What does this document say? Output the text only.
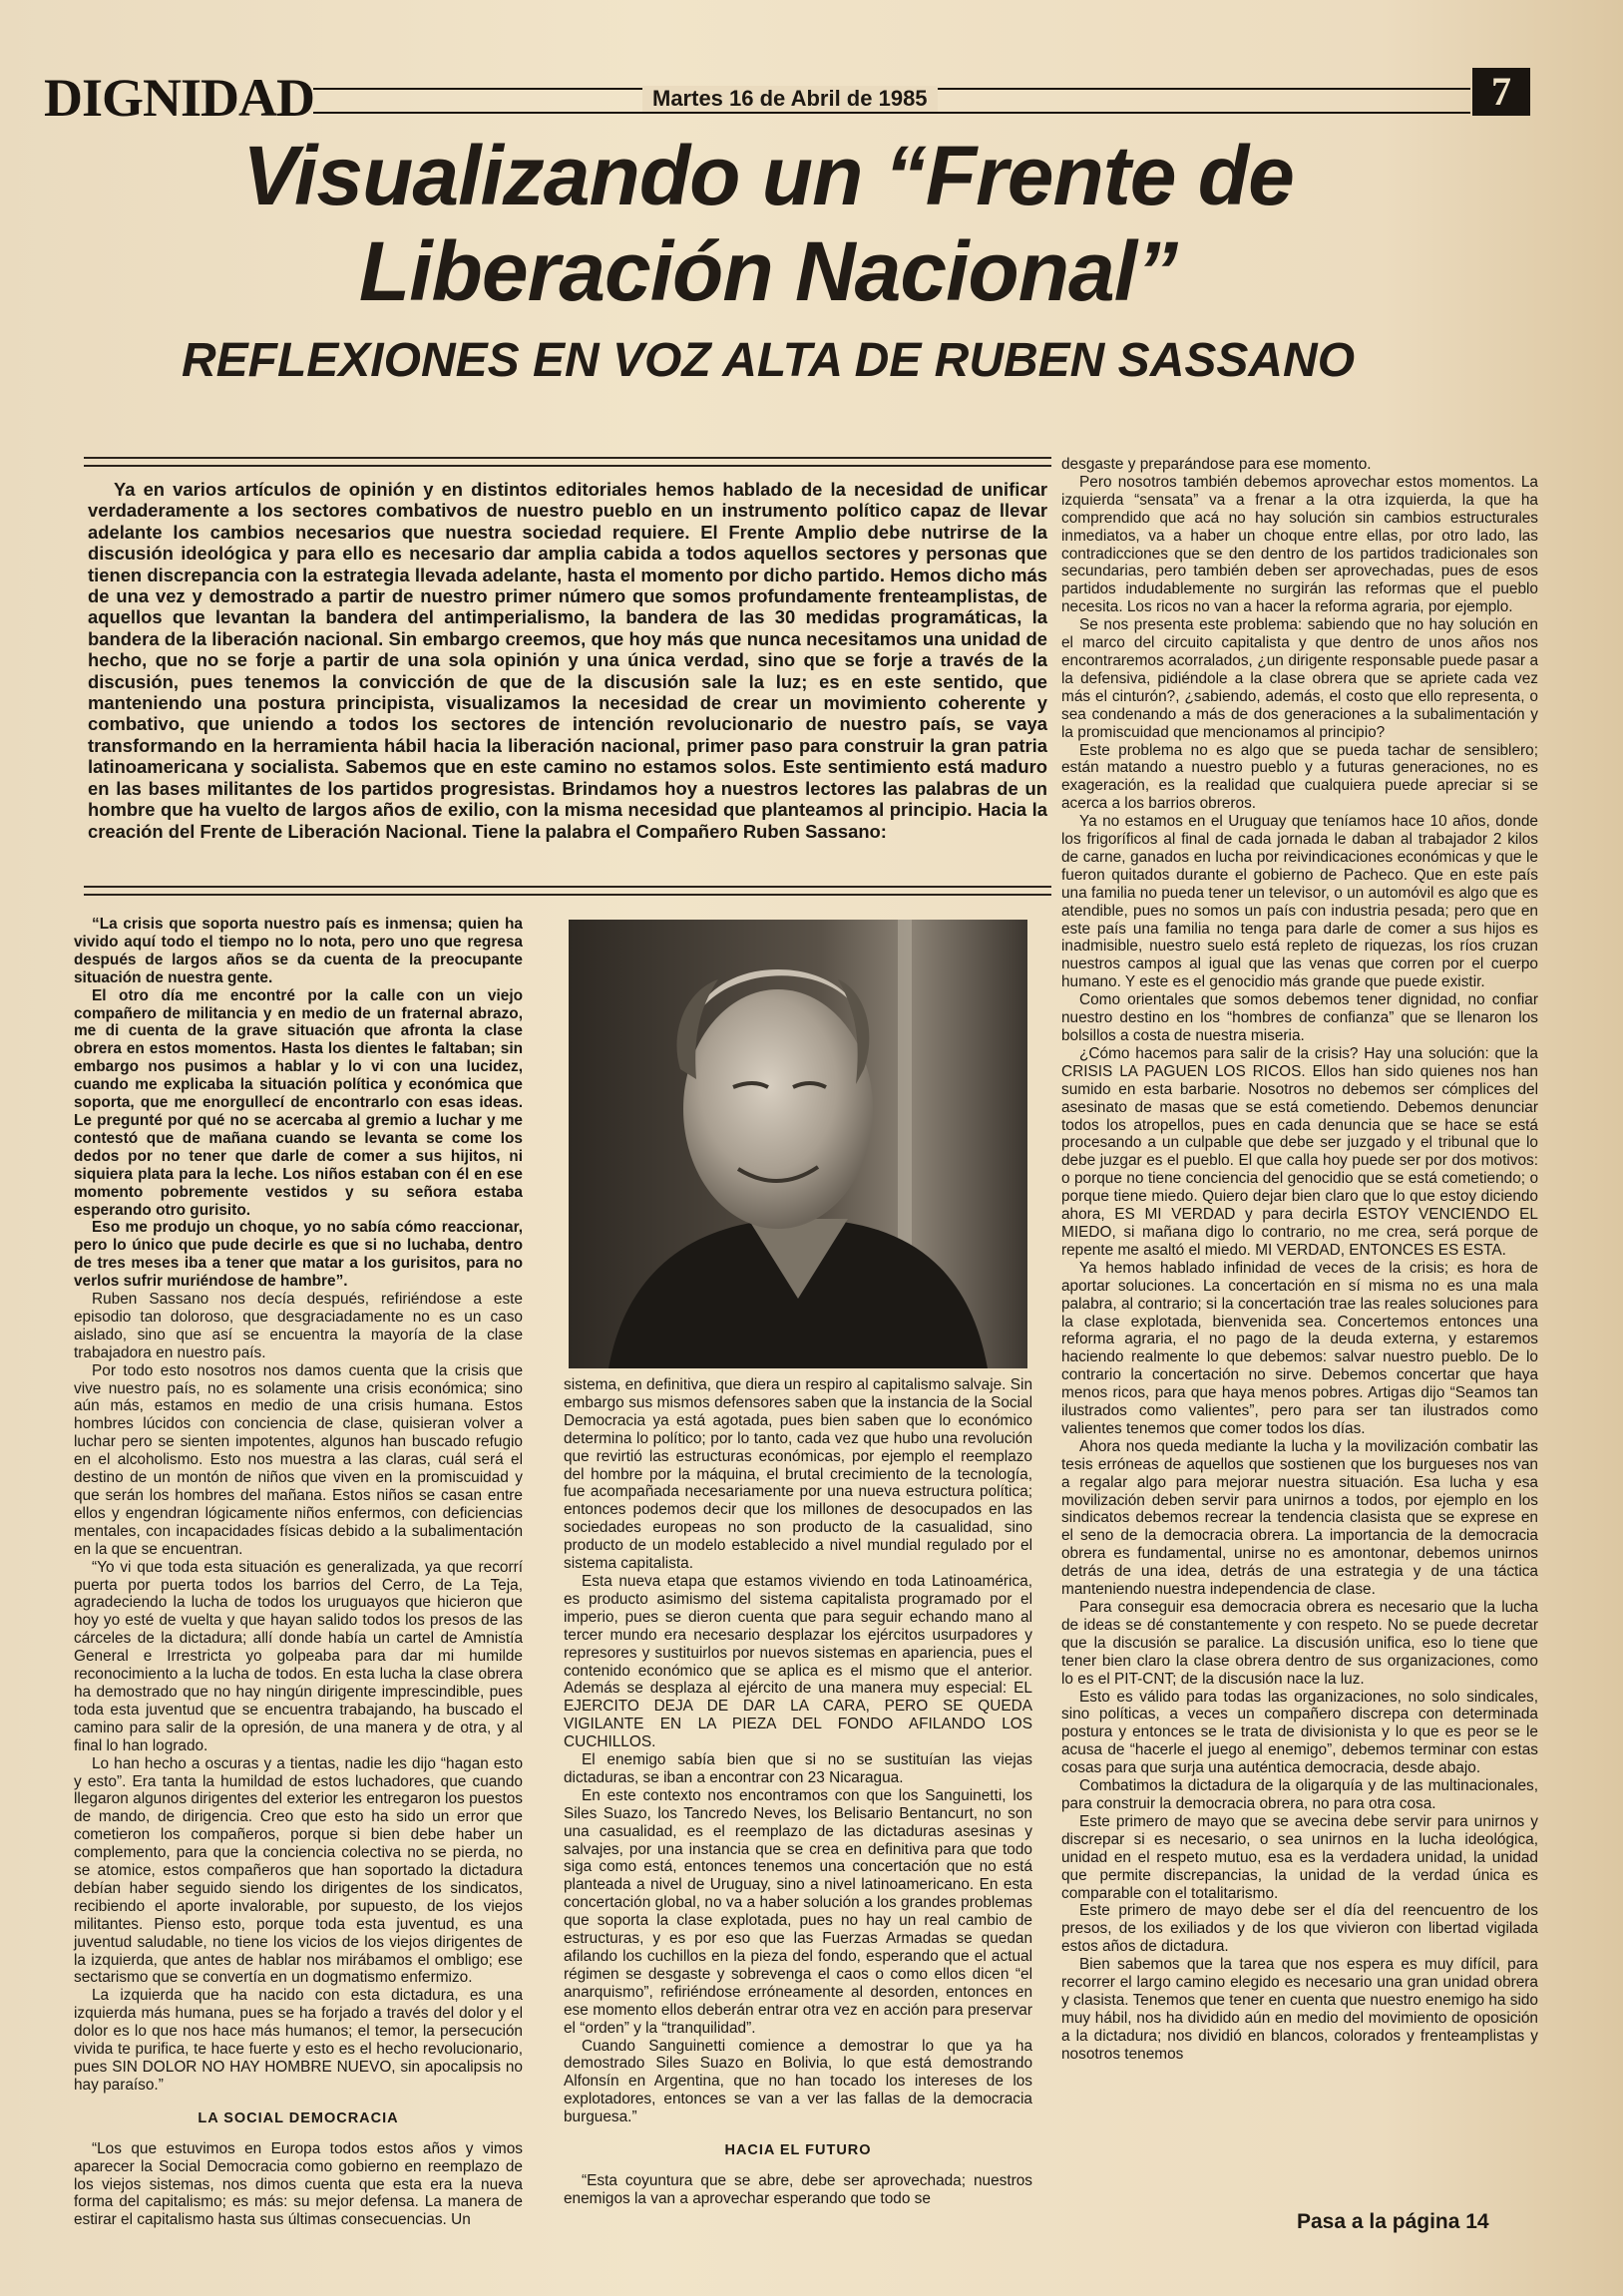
DIGNIDAD	Martes 16 de Abril de 1985	7
Visualizando un “Frente de Liberación Nacional”
REFLEXIONES EN VOZ ALTA DE RUBEN SASSANO

Ya en varios artículos de opinión y en distintos editoriales hemos hablado de la necesidad de unificar verdaderamente a los sectores combativos de nuestro pueblo en un instrumento político capaz de llevar adelante los cambios necesarios que nuestra sociedad requiere. El Frente Amplio debe nutrirse de la discusión ideológica y para ello es necesario dar amplia cabida a todos aquellos sectores y personas que tienen discrepancia con la estrategia llevada adelante, hasta el momento por dicho partido. Hemos dicho más de una vez y demostrado a partir de nuestro primer número que somos profundamente frenteamplistas, de aquellos que levantan la bandera del antimperialismo, la bandera de las 30 medidas programáticas, la bandera de la liberación nacional. Sin embargo creemos, que hoy más que nunca necesitamos una unidad de hecho, que no se forje a partir de una sola opinión y una única verdad, sino que se forje a través de la discusión, pues tenemos la convicción de que de la discusión sale la luz; es en este sentido, que manteniendo una postura principista, visualizamos la necesidad de crear un movimiento coherente y combativo, que uniendo a todos los sectores de intención revolucionario de nuestro país, se vaya transformando en la herramienta hábil hacia la liberación nacional, primer paso para construir la gran patria latinoamericana y socialista. Sabemos que en este camino no estamos solos. Este sentimiento está maduro en las bases militantes de los partidos progresistas. Brindamos hoy a nuestros lectores las palabras de un hombre que ha vuelto de largos años de exilio, con la misma necesidad que planteamos al principio. Hacia la creación del Frente de Liberación Nacional. Tiene la palabra el Compañero Ruben Sassano:

“La crisis que soporta nuestro país es inmensa; quien ha vivido aquí todo el tiempo no lo nota, pero uno que regresa después de largos años se da cuenta de la preocupante situación de nuestra gente.

El otro día me encontré por la calle con un viejo compañero de militancia y en medio de un fraternal abrazo, me di cuenta de la grave situación que afronta la clase obrera en estos momentos. Hasta los dientes le faltaban; sin embargo nos pusimos a hablar y lo vi con una lucidez, cuando me explicaba la situación política y económica que soporta, que me enorgullecí de encontrarlo con esas ideas. Le pregunté por qué no se acercaba al gremio a luchar y me contestó que de mañana cuando se levanta se come los dedos por no tener que darle de comer a sus hijitos, ni siquiera plata para la leche. Los niños estaban con él en ese momento pobremente vestidos y su señora estaba esperando otro gurisito.

Eso me produjo un choque, yo no sabía cómo reaccionar, pero lo único que pude decirle es que si no luchaba, dentro de tres meses iba a tener que matar a los gurisitos, para no verlos sufrir muriéndose de hambre”.

Ruben Sassano nos decía después, refiriéndose a este episodio tan doloroso, que desgraciadamente no es un caso aislado, sino que así se encuentra la mayoría de la clase trabajadora en nuestro país.

Por todo esto nosotros nos damos cuenta que la crisis que vive nuestro país, no es solamente una crisis económica; sino aún más, estamos en medio de una crisis humana. Estos hombres lúcidos con conciencia de clase, quisieran volver a luchar pero se sienten impotentes, algunos han buscado refugio en el alcoholismo. Esto nos muestra a las claras, cuál será el destino de un montón de niños que viven en la promiscuidad y que serán los hombres del mañana. Estos niños se casan entre ellos y engendran lógicamente niños enfermos, con deficiencias mentales, con incapacidades físicas debido a la subalimentación en la que se encuentran.

“Yo vi que toda esta situación es generalizada, ya que recorrí puerta por puerta todos los barrios del Cerro, de La Teja, agradeciendo la lucha de todos los uruguayos que hicieron que hoy yo esté de vuelta y que hayan salido todos los presos de las cárceles de la dictadura; allí donde había un cartel de Amnistía General e Irrestricta yo golpeaba para dar mi humilde reconocimiento a la lucha de todos. En esta lucha la clase obrera ha demostrado que no hay ningún dirigente imprescindible, pues toda esta juventud que se encuentra trabajando, ha buscado el camino para salir de la opresión, de una manera y de otra, y al final lo han logrado.

Lo han hecho a oscuras y a tientas, nadie les dijo “hagan esto y esto”. Era tanta la humildad de estos luchadores, que cuando llegaron algunos dirigentes del exterior les entregaron los puestos de mando, de dirigencia. Creo que esto ha sido un error que cometieron los compañeros, porque si bien debe haber un complemento, para que la conciencia colectiva no se pierda, no se atomice, estos compañeros que han soportado la dictadura debían haber seguido siendo los dirigentes de los sindicatos, recibiendo el aporte invalorable, por supuesto, de los viejos militantes. Pienso esto, porque toda esta juventud, es una juventud saludable, no tiene los vicios de los viejos dirigentes de la izquierda, que antes de hablar nos mirábamos el ombligo; ese sectarismo que se convertía en un dogmatismo enfermizo.

La izquierda que ha nacido con esta dictadura, es una izquierda más humana, pues se ha forjado a través del dolor y el dolor es lo que nos hace más humanos; el temor, la persecución vivida te purifica, te hace fuerte y esto es el hecho revolucionario, pues SIN DOLOR NO HAY HOMBRE NUEVO, sin apocalipsis no hay paraíso.”

LA SOCIAL DEMOCRACIA

“Los que estuvimos en Europa todos estos años y vimos aparecer la Social Democracia como gobierno en reemplazo de los viejos sistemas, nos dimos cuenta que esta era la nueva forma del capitalismo; es más: su mejor defensa. La manera de estirar el capitalismo hasta sus últimas consecuencias. Un

sistema, en definitiva, que diera un respiro al capitalismo salvaje. Sin embargo sus mismos defensores saben que la instancia de la Social Democracia ya está agotada, pues bien saben que lo económico determina lo político; por lo tanto, cada vez que hubo una revolución que revirtió las estructuras económicas, por ejemplo el reemplazo del hombre por la máquina, el brutal crecimiento de la tecnología, fue acompañada necesariamente por una nueva estructura política; entonces podemos decir que los millones de desocupados en las sociedades europeas no son producto de la casualidad, sino producto de un modelo establecido a nivel mundial regulado por el sistema capitalista.

Esta nueva etapa que estamos viviendo en toda Latinoamérica, es producto asimismo del sistema capitalista programado por el imperio, pues se dieron cuenta que para seguir echando mano al tercer mundo era necesario desplazar los ejércitos usurpadores y represores y sustituirlos por nuevos sistemas en apariencia, pues el contenido económico que se aplica es el mismo que el anterior. Además se desplaza al ejército de una manera muy especial: EL EJERCITO DEJA DE DAR LA CARA, PERO SE QUEDA VIGILANTE EN LA PIEZA DEL FONDO AFILANDO LOS CUCHILLOS.

El enemigo sabía bien que si no se sustituían las viejas dictaduras, se iban a encontrar con 23 Nicaragua.

En este contexto nos encontramos con que los Sanguinetti, los Siles Suazo, los Tancredo Neves, los Belisario Bentancurt, no son una casualidad, es el reemplazo de las dictaduras asesinas y salvajes, por una instancia que se crea en definitiva para que todo siga como está, entonces tenemos una concertación que no está planteada a nivel de Uruguay, sino a nivel latinoamericano. En esta concertación global, no va a haber solución a los grandes problemas que soporta la clase explotada, pues no hay un real cambio de estructuras, y es por eso que las Fuerzas Armadas se quedan afilando los cuchillos en la pieza del fondo, esperando que el actual régimen se desgaste y sobrevenga el caos o como ellos dicen “el anarquismo”, refiriéndose erróneamente al desorden, entonces en ese momento ellos deberán entrar otra vez en acción para preservar el “orden” y la “tranquilidad”.

Cuando Sanguinetti comience a demostrar lo que ya ha demostrado Siles Suazo en Bolivia, lo que está demostrando Alfonsín en Argentina, que no han tocado los intereses de los explotadores, entonces se van a ver las fallas de la democracia burguesa.”

HACIA EL FUTURO

“Esta coyuntura que se abre, debe ser aprovechada; nuestros enemigos la van a aprovechar esperando que todo se

desgaste y preparándose para ese momento.

Pero nosotros también debemos aprovechar estos momentos. La izquierda “sensata” va a frenar a la otra izquierda, la que ha comprendido que acá no hay solución sin cambios estructurales inmediatos, va a haber un choque entre ellas, por otro lado, las contradicciones que se den dentro de los partidos tradicionales son secundarias, pero también deben ser aprovechadas, pues de esos partidos indudablemente no surgirán las reformas que el pueblo necesita. Los ricos no van a hacer la reforma agraria, por ejemplo.

Se nos presenta este problema: sabiendo que no hay solución en el marco del circuito capitalista y que dentro de unos años nos encontraremos acorralados, ¿un dirigente responsable puede pasar a la defensiva, pidiéndole a la clase obrera que se apriete cada vez más el cinturón?, ¿sabiendo, además, el costo que ello representa, o sea condenando a más de dos generaciones a la subalimentación y la promiscuidad que mencionamos al principio?

Este problema no es algo que se pueda tachar de sensiblero; están matando a nuestro pueblo y a futuras generaciones, no es exageración, es la realidad que cualquiera puede apreciar si se acerca a los barrios obreros.

Ya no estamos en el Uruguay que teníamos hace 10 años, donde los frigoríficos al final de cada jornada le daban al trabajador 2 kilos de carne, ganados en lucha por reivindicaciones económicas y que le fueron quitados durante el gobierno de Pacheco. Que en este país una familia no pueda tener un televisor, o un automóvil es algo que es atendible, pues no somos un país con industria pesada; pero que en este país una familia no tenga para darle de comer a sus hijos es inadmisible, nuestro suelo está repleto de riquezas, los ríos cruzan nuestros campos al igual que las venas que corren por el cuerpo humano. Y este es el genocidio más grande que puede existir.

Como orientales que somos debemos tener dignidad, no confiar nuestro destino en los “hombres de confianza” que se llenaron los bolsillos a costa de nuestra miseria.

¿Cómo hacemos para salir de la crisis? Hay una solución: que la CRISIS LA PAGUEN LOS RICOS. Ellos han sido quienes nos han sumido en esta barbarie. Nosotros no debemos ser cómplices del asesinato de masas que se está cometiendo. Debemos denunciar todos los atropellos, pues en cada denuncia que se hace se está procesando a un culpable que debe ser juzgado y el tribunal que lo debe juzgar es el pueblo. El que calla hoy puede ser por dos motivos: o porque no tiene conciencia del genocidio que se está cometiendo; o porque tiene miedo. Quiero dejar bien claro que lo que estoy diciendo ahora, ES MI VERDAD y para decirla ESTOY VENCIENDO EL MIEDO, si mañana digo lo contrario, no me crea, será porque de repente me asaltó el miedo. MI VERDAD, ENTONCES ES ESTA.

Ya hemos hablado infinidad de veces de la crisis; es hora de aportar soluciones. La concertación en sí misma no es una mala palabra, al contrario; si la concertación trae las reales soluciones para la clase explotada, bienvenida sea. Concertemos entonces una reforma agraria, el no pago de la deuda externa, y estaremos haciendo realmente lo que debemos: salvar nuestro pueblo. De lo contrario la concertación no sirve. Debemos concertar que haya menos ricos, para que haya menos pobres. Artigas dijo “Seamos tan ilustrados como valientes”, pero para ser tan ilustrados como valientes tenemos que comer todos los días.

Ahora nos queda mediante la lucha y la movilización combatir las tesis erróneas de aquellos que sostienen que los burgueses nos van a regalar algo para mejorar nuestra situación. Esa lucha y esa movilización deben servir para unirnos a todos, por ejemplo en los sindicatos debemos recrear la tendencia clasista que se exprese en el seno de la democracia obrera. La importancia de la democracia obrera es fundamental, unirse no es amontonar, debemos unirnos detrás de una idea, detrás de una estrategia y de una táctica manteniendo nuestra independencia de clase.

Para conseguir esa democracia obrera es necesario que la lucha de ideas se dé constantemente y con respeto. No se puede decretar que la discusión se paralice. La discusión unifica, eso lo tiene que tener bien claro la clase obrera dentro de sus organizaciones, como lo es el PIT-CNT; de la discusión nace la luz.

Esto es válido para todas las organizaciones, no solo sindicales, sino políticas, a veces un compañero discrepa con determinada postura y entonces se le trata de divisionista y lo que es peor se le acusa de “hacerle el juego al enemigo”, debemos terminar con estas cosas para que surja una auténtica democracia, desde abajo.

Combatimos la dictadura de la oligarquía y de las multinacionales, para construir la democracia obrera, no para otra cosa.

Este primero de mayo que se avecina debe servir para unirnos y discrepar si es necesario, o sea unirnos en la lucha ideológica, unidad en el respeto mutuo, esa es la verdadera unidad, la unidad que permite discrepancias, la unidad de la verdad única es comparable con el totalitarismo.

Este primero de mayo debe ser el día del reencuentro de los presos, de los exiliados y de los que vivieron con libertad vigilada estos años de dictadura.

Bien sabemos que la tarea que nos espera es muy difícil, para recorrer el largo camino elegido es necesario una gran unidad obrera y clasista. Tenemos que tener en cuenta que nuestro enemigo ha sido muy hábil, nos ha dividido aún en medio del movimiento de oposición a la dictadura; nos dividió en blancos, colorados y frenteamplistas y nosotros tenemos

Pasa a la página 14
